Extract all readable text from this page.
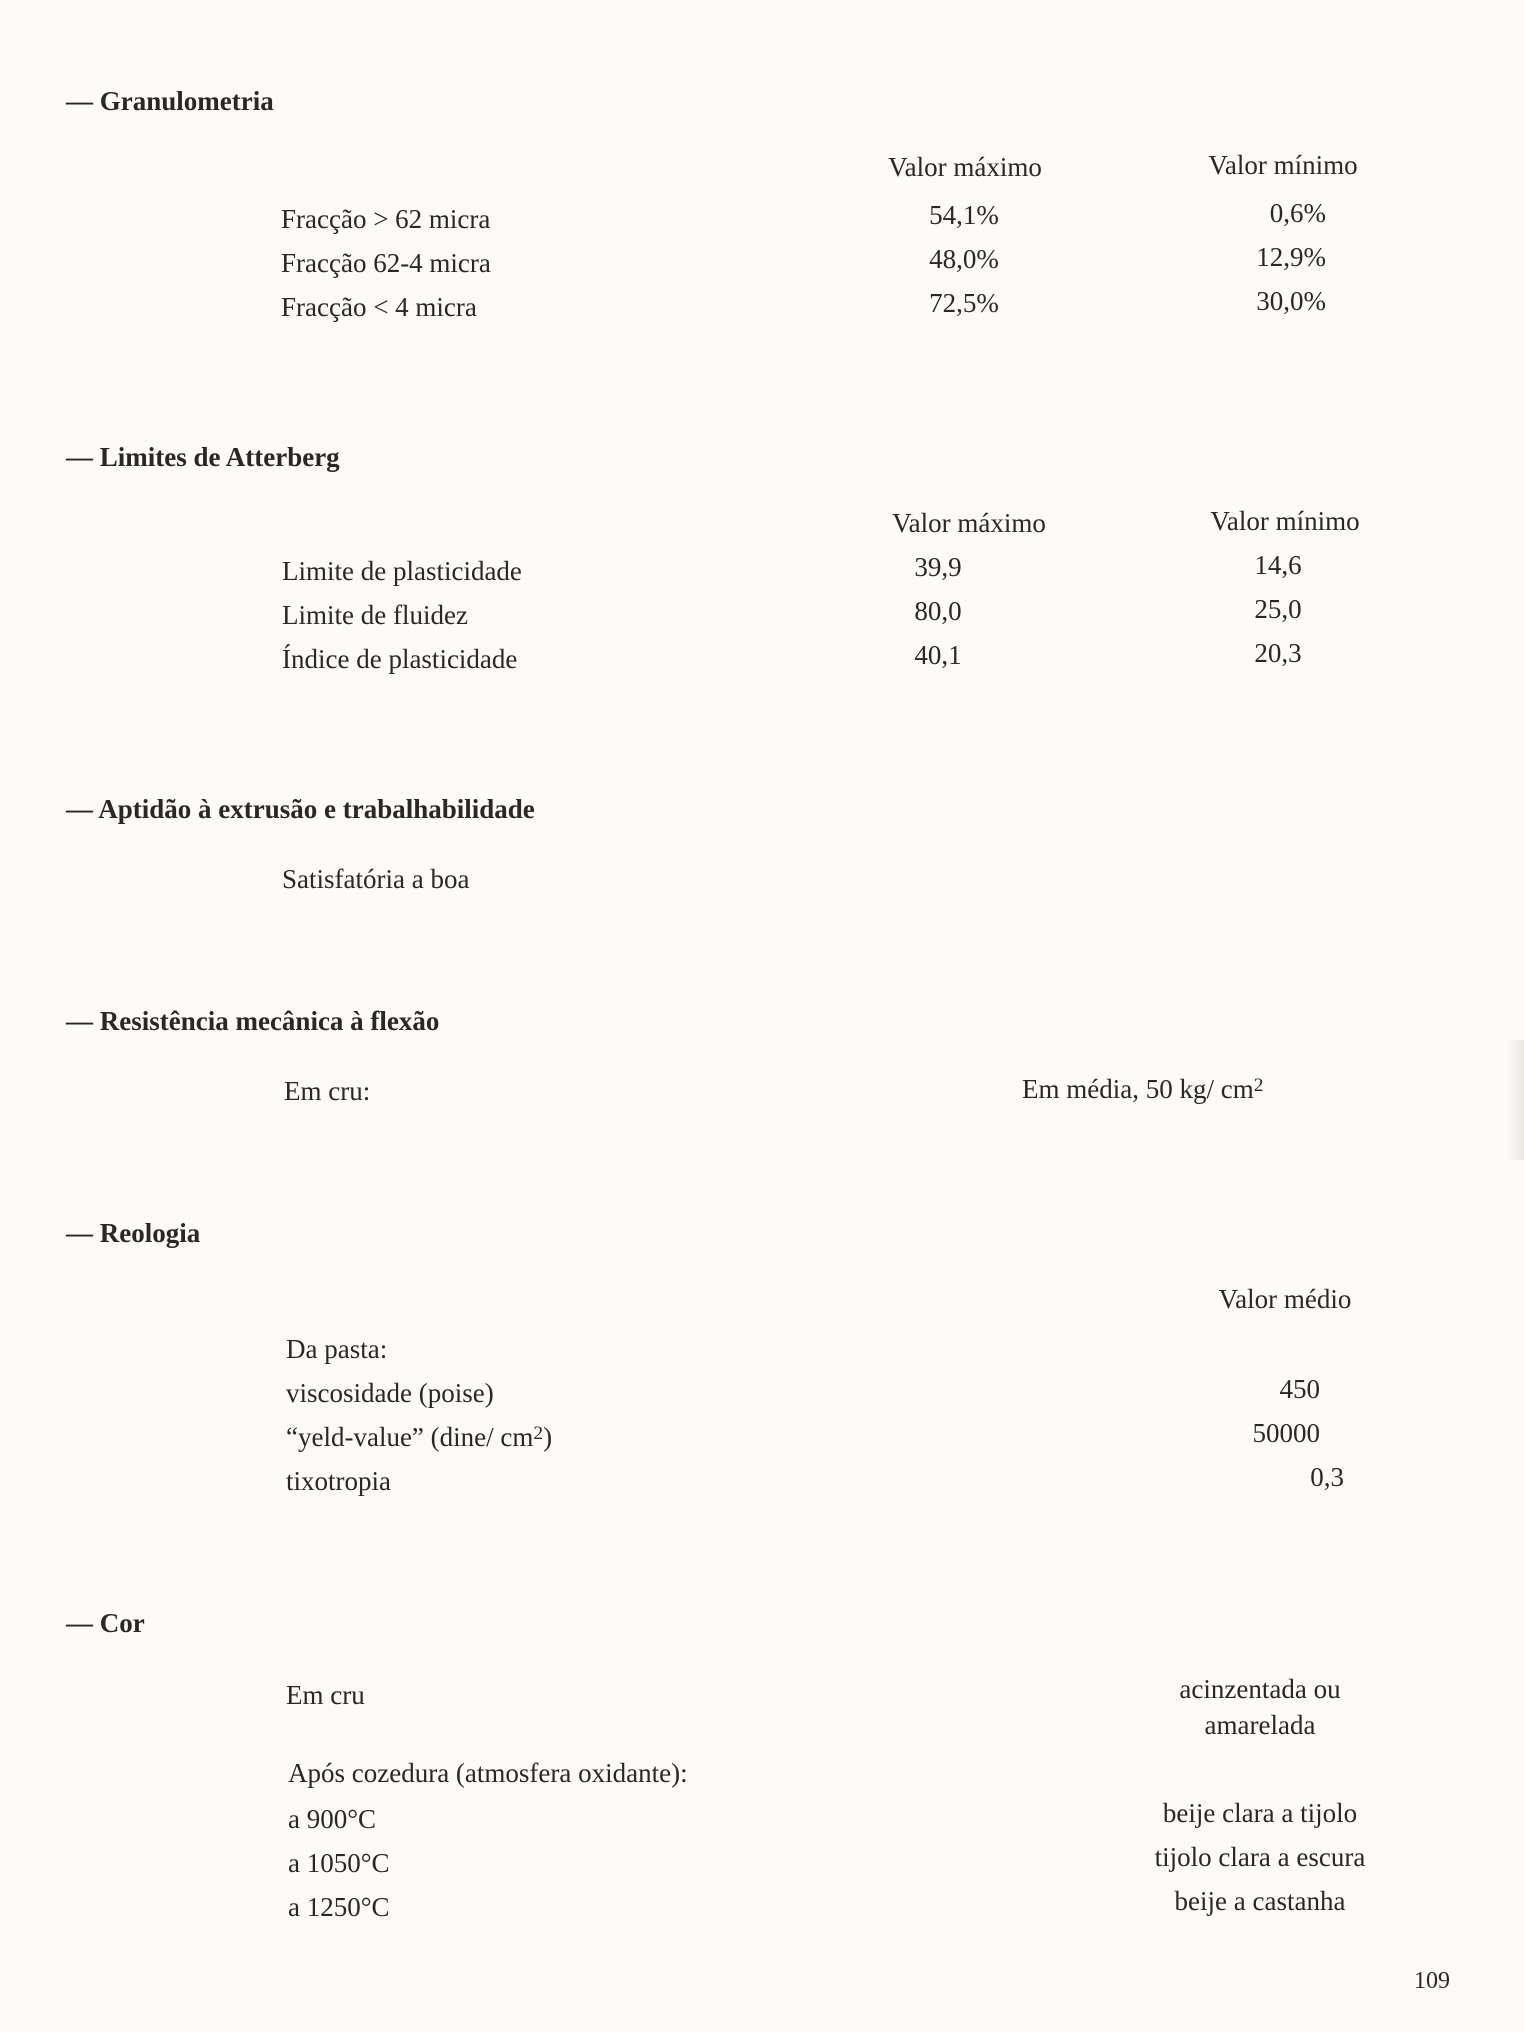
— Granulometria
Valor máximo	Valor mínimo
Fracção > 62 micra	54,1%	0,6%
Fracção 62-4 micra	48,0%	12,9%
Fracção < 4 micra	72,5%	30,0%
— Limites de Atterberg
Valor máximo	Valor mínimo
Limite de plasticidade	39,9	14,6
Limite de fluidez	80,0	25,0
Índice de plasticidade	40,1	20,3
— Aptidão à extrusão e trabalhabilidade
Satisfatória a boa
— Resistência mecânica à flexão
Em cru:	Em média, 50 kg/ $cm^2$
— Reologia
Valor médio
Da pasta:
viscosidade (poise)	450
“yeld-value” (dine/ $cm^2$)	50000
tixotropia	0,3
— Cor
Em cru	acinzentada ou
amarelada
Após cozedura (atmosfera oxidante):
a 900°C	beije clara a tijolo
a 1050°C	tijolo clara a escura
a 1250°C	beije a castanha
109
